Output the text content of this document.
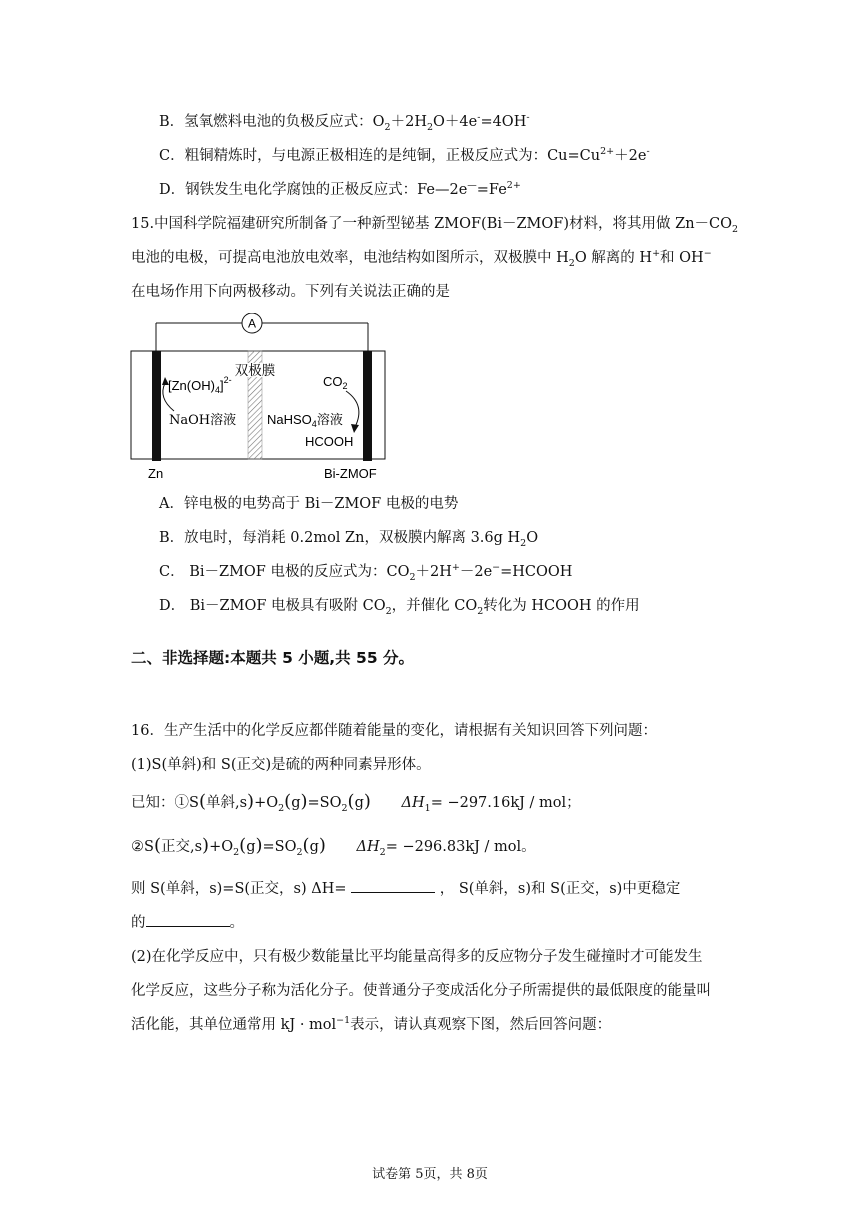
B．氢氧燃料电池的负极反应式：$O_2+2H_2O+4e^-=4OH^-$
C．粗铜精炼时，与电源正极相连的是纯铜，正极反应式为：$Cu=Cu^{2+}+2e^-$
D．钢铁发生电化学腐蚀的正极反应式：$Fe—2e^—=Fe^{2+}$
15.中国科学院福建研究所制备了一种新型铋基 ZMOF(Bi－ZMOF)材料，将其用做 $Zn-CO_2$
电池的电极，可提高电池放电效率，电池结构如图所示，双极膜中 $H_2O$ 解离的 H+和 OH−
在电场作用下向两极移动。下列有关说法正确的是
A
双极膜
$[Zn(OH)_4]^{2-}$
NaOH溶液
$CO_2$
NaHSO$_4$溶液
HCOOH
Zn	Bi-ZMOF
A．锌电极的电势高于 Bi－ZMOF 电极的电势
B．放电时，每消耗 0.2mol Zn，双极膜内解离 3.6g $H_2O$
C． Bi－ZMOF 电极的反应式为：$CO_2+2H^+-2e^-=HCOOH$
D． Bi－ZMOF 电极具有吸附 $CO_2$，并催化 $CO_2$转化为 HCOOH 的作用
二、非选择题:本题共 5 小题,共 55 分。
16．生产生活中的化学反应都伴随着能量的变化，请根据有关知识回答下列问题：
(1)S(单斜)和 S(正交)是硫的两种同素异形体。
已知：①S(单斜$,s)+O_2(g)=SO_2(g)$ $\Delta H_1= -297.16kJ$ / mol；
②S(正交$,s)+O_2(g)=SO_2(g)$ $\Delta H_2= -296.83kJ$ / mol。
则 S(单斜，s)=S(正交，s) ΔH=	， S(单斜，s)和 S(正交，s)中更稳定
的	。
(2)在化学反应中，只有极少数能量比平均能量高得多的反应物分子发生碰撞时才可能发生
化学反应，这些分子称为活化分子。使普通分子变成活化分子所需提供的最低限度的能量叫
活化能，其单位通常用 kJ · mol$^{-1}$表示，请认真观察下图，然后回答问题：
试卷第 5页，共 8页
